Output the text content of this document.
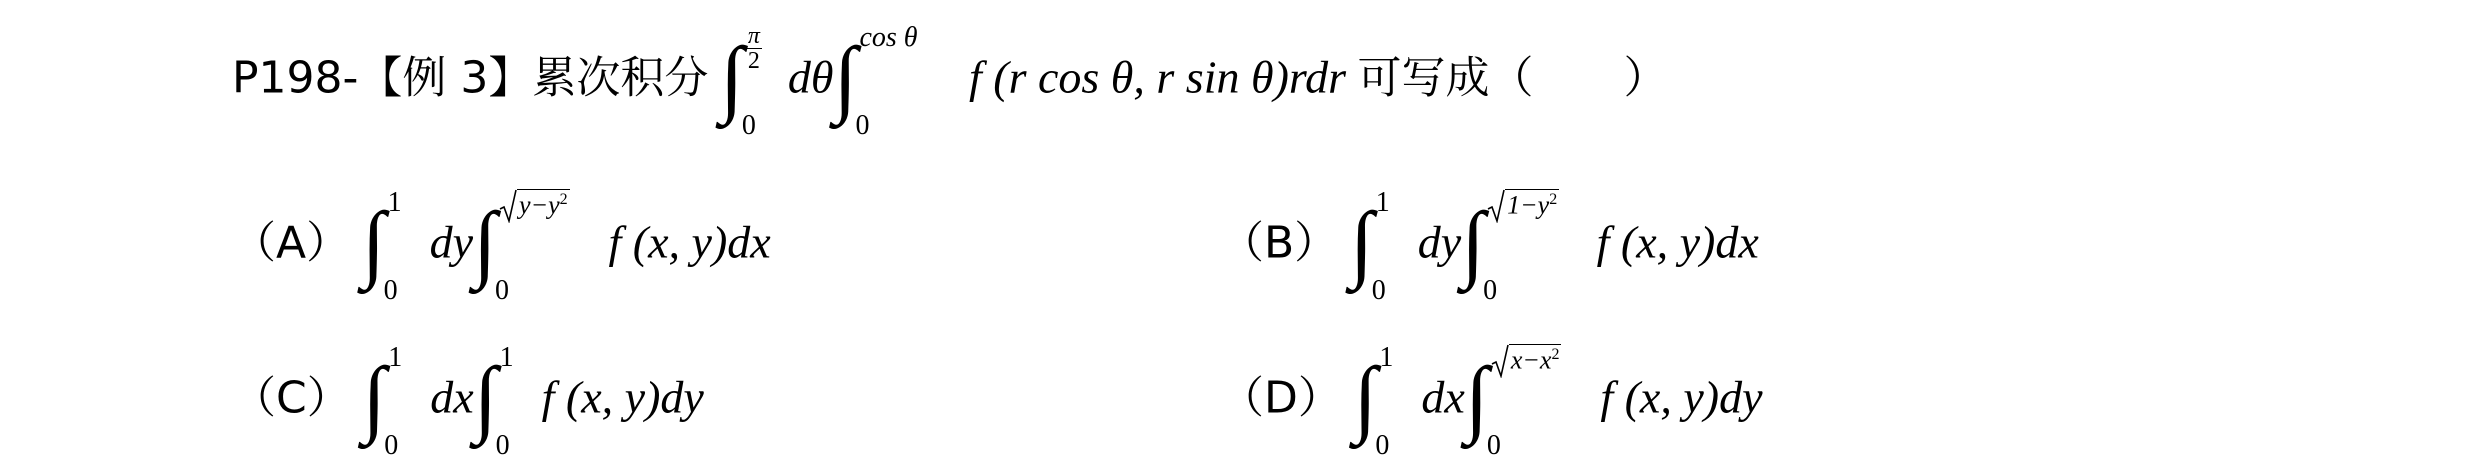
P198-【例 3】累次积分 ∫ $\frac{\pi}{2}$
0
dθ ∫ cos θ
0
f (r cos θ, r sin θ)rdr 可写成（ ）
（A） ∫ 1
0
dy ∫ $y-y^2$
0
f (x, y)dx	（B） ∫ 1
0
dy ∫ $1-y^2$
0
f (x, y)dx
（C） ∫ 1
0
dx ∫ 1
0
f (x, y)dy	（D） ∫ 1
0
dx ∫ $x-x^2$
0
f (x, y)dy
